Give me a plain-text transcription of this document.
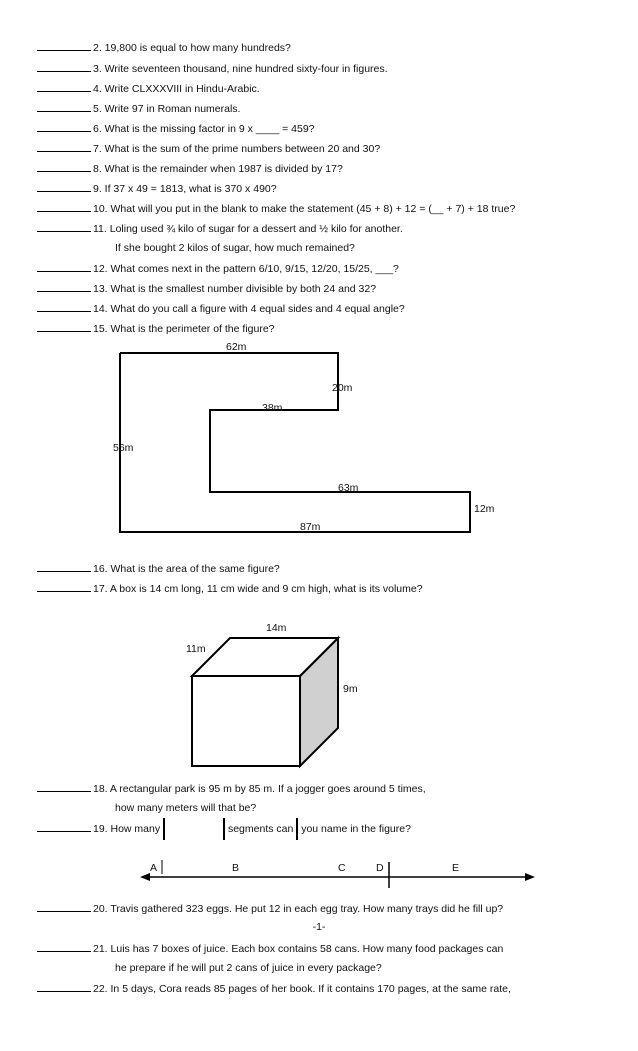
2. 19,800 is equal to how many hundreds?
3. Write seventeen thousand, nine hundred sixty-four in figures.
4. Write CLXXXVIII in Hindu-Arabic.
5. Write 97 in Roman numerals.
6. What is the missing factor in 9 x ____ = 459?
7. What is the sum of the prime numbers between 20 and 30?
8. What is the remainder when 1987 is divided by 17?
9. If 37 x 49 = 1813, what is 370 x 490?
10. What will you put in the blank to make the statement (45 + 8) + 12 = (__ + 7) + 18 true?
11. Loling used ¾ kilo of sugar for a dessert and ½ kilo for another.
If she bought 2 kilos of sugar, how much remained?
12. What comes next in the pattern 6/10, 9/15, 12/20, 15/25, ___?
13. What is the smallest number divisible by both 24 and 32?
14. What do you call a figure with 4 equal sides and 4 equal angle?
15. What is the perimeter of the figure?
62m
20m
38m
56m
63m
12m
87m
16. What is the area of the same figure?
17. A box is 14 cm long, 11 cm wide and 9 cm high, what is its volume?
14m
11m
9m
18. A rectangular park is 95 m by 85 m. If a jogger goes around 5 times,
how many meters will that be?
19. How many	segments can you name in the figure?
A	B	C	D	E
20. Travis gathered 323 eggs. He put 12 in each egg tray. How many trays did he fill up?
-1-
21. Luis has 7 boxes of juice. Each box contains 58 cans. How many food packages can
he prepare if he will put 2 cans of juice in every package?
22. In 5 days, Cora reads 85 pages of her book. If it contains 170 pages, at the same rate,
